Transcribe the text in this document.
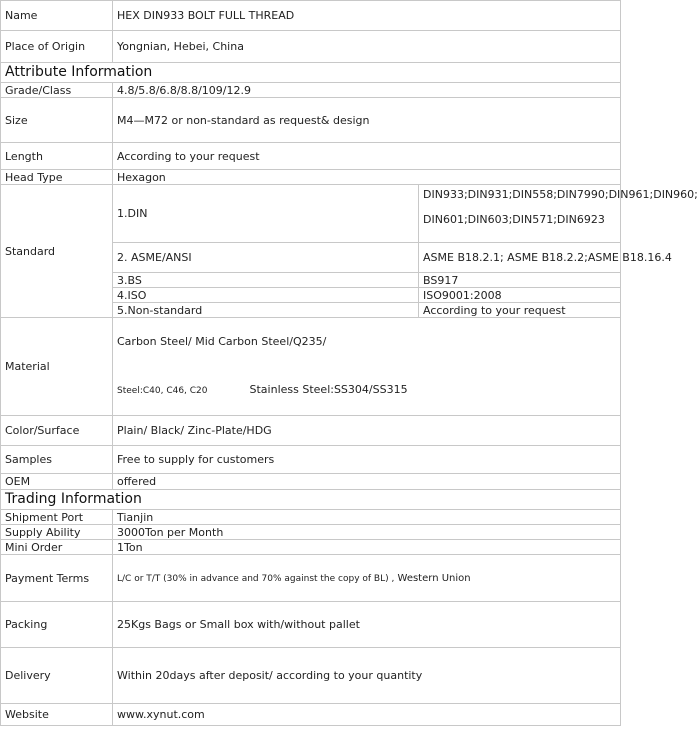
Name	HEX DIN933 BOLT FULL THREAD	
Place of Origin	Yongnian, Hebei, China	
Attribute Information		
Grade/Class	4.8/5.8/6.8/8.8/109/12.9	
Size	M4—M72 or non-standard as request& design	
Length	According to your request	
Head Type	Hexagon	
Standard	1.DIN	DIN933;DIN931;DIN558;DIN7990;DIN961;DIN960;
DIN601;DIN603;DIN571;DIN6923

	2. ASME/ANSI	ASME B18.2.1; ASME B18.2.2;ASME B18.16.4
	3.BS	BS917
	4.ISO	ISO9001:2008
	5.Non-standard	According to your request
Material	Carbon Steel/ Mid Carbon Steel/Q235/
Steel:C40, C46, C20 Stainless Steel:SS304/SS315	

Color/Surface	Plain/ Black/ Zinc-Plate/HDG	
Samples	Free to supply for customers	
OEM	offered	
Trading Information		
Shipment Port	Tianjin	
Supply Ability	3000Ton per Month	
Mini Order	1Ton	
Payment Terms	L/C or T/T (30% in advance and 70% against the copy of BL) , Western Union	
Packing	25Kgs Bags or Small box with/without pallet	
Delivery	Within 20days after deposit/ according to your quantity	
Website	www.xynut.com	
